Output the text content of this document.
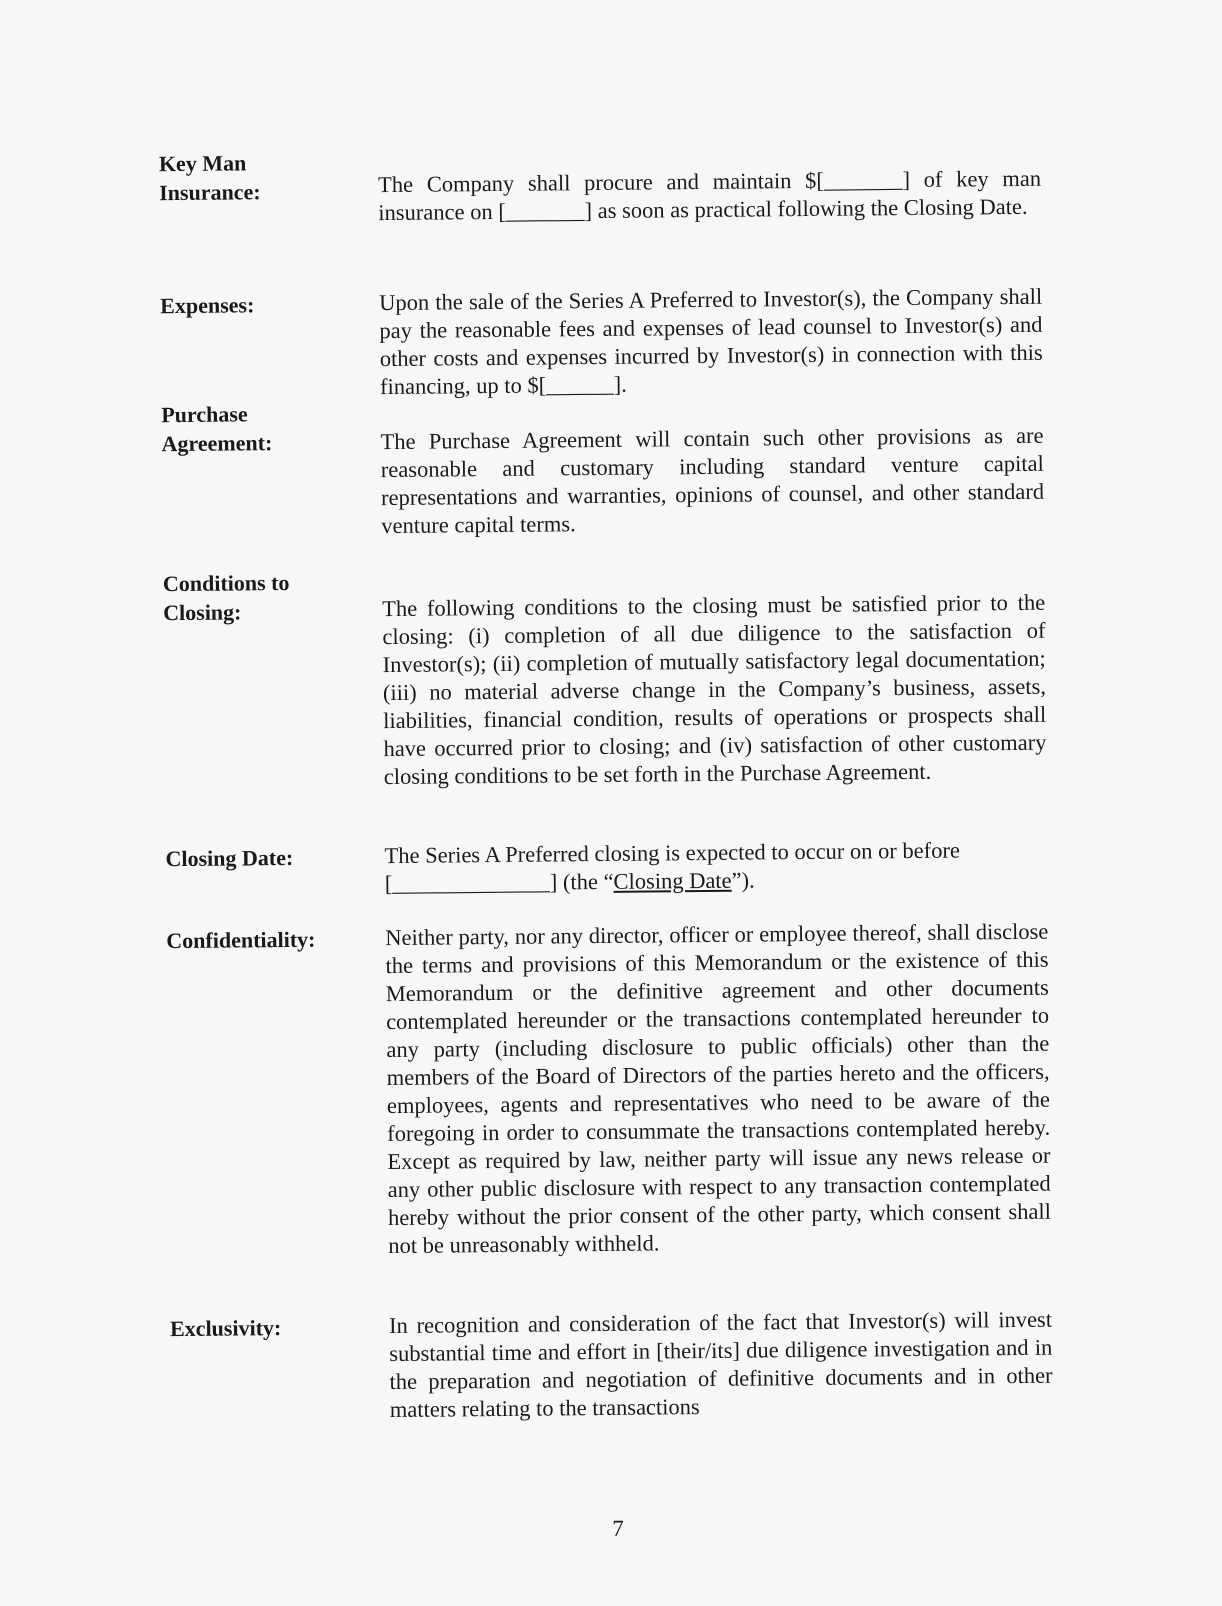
Key Man Insurance:	The Company shall procure and maintain $[_______] of key man insurance on [_______] as soon as practical following the Closing Date.
Expenses:	Upon the sale of the Series A Preferred to Investor(s), the Company shall pay the reasonable fees and expenses of lead counsel to Investor(s) and other costs and expenses incurred by Investor(s) in connection with this financing, up to $[______].
Purchase Agreement:	The Purchase Agreement will contain such other provisions as are reasonable and customary including standard venture capital representations and warranties, opinions of counsel, and other standard venture capital terms.
Conditions to Closing:	The following conditions to the closing must be satisfied prior to the closing: (i) completion of all due diligence to the satisfaction of Investor(s); (ii) completion of mutually satisfactory legal documentation; (iii) no material adverse change in the Company’s business, assets, liabilities, financial condition, results of operations or prospects shall have occurred prior to closing; and (iv) satisfaction of other customary closing conditions to be set forth in the Purchase Agreement.
Closing Date:	The Series A Preferred closing is expected to occur on or before [______________] (the “Closing Date”).
Confidentiality:	Neither party, nor any director, officer or employee thereof, shall disclose the terms and provisions of this Memorandum or the existence of this Memorandum or the definitive agreement and other documents contemplated hereunder or the transactions contemplated hereunder to any party (including disclosure to public officials) other than the members of the Board of Directors of the parties hereto and the officers, employees, agents and representatives who need to be aware of the foregoing in order to consummate the transactions contemplated hereby. Except as required by law, neither party will issue any news release or any other public disclosure with respect to any transaction contemplated hereby without the prior consent of the other party, which consent shall not be unreasonably withheld.
Exclusivity:	In recognition and consideration of the fact that Investor(s) will invest substantial time and effort in [their/its] due diligence investigation and in the preparation and negotiation of definitive documents and in other matters relating to the transactions
7
